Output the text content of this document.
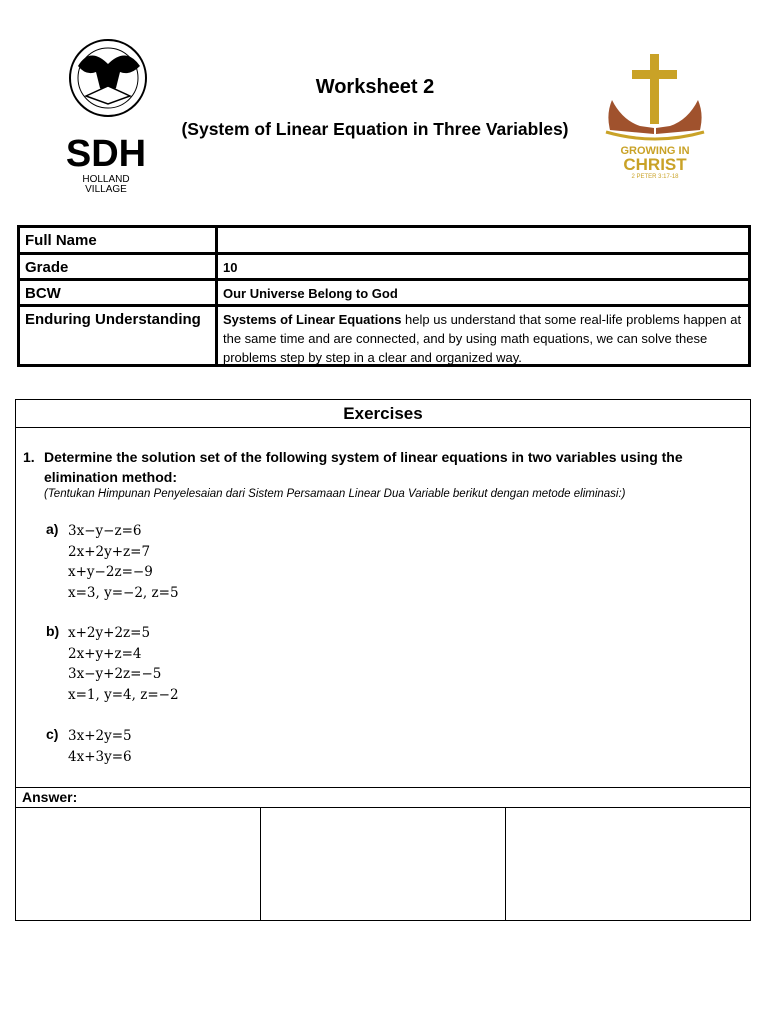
SDH
HOLLAND
VILLAGE
GROWING IN
CHRIST
2 PETER 3:17-18
Worksheet 2
(System of Linear Equation in Three Variables)
Full Name
Grade	10
BCW	Our Universe Belong to God
Enduring Understanding	Systems of Linear Equations help us understand that some real-life problems happen at the same time and are connected, and by using math equations, we can solve these problems step by step in a clear and organized way.
Exercises
1. Determine the solution set of the following system of linear equations in two variables using the elimination method:
(Tentukan Himpunan Penyelesaian dari Sistem Persamaan Linear Dua Variable berikut dengan metode eliminasi:)
a) 3x−y−z=6
2x+2y+z=7
x+y−2z=−9
x=3, y=−2, z=5
b) x+2y+2z=5
2x+y+z=4
3x−y+2z=−5
x=1, y=4, z=−2
c) 3x+2y=5
4x+3y=6
Answer:
